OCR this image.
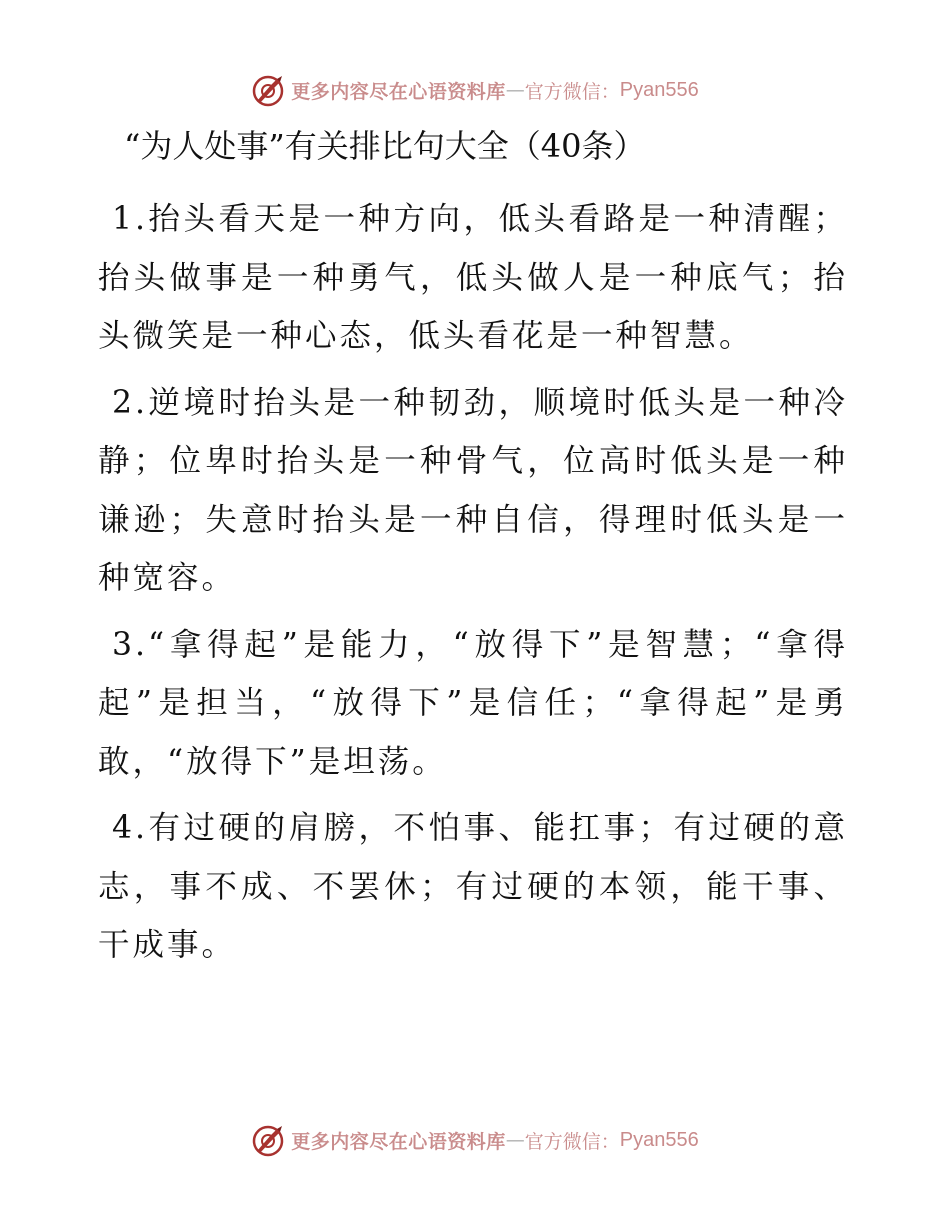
更多内容尽在心语资料库 — 官方微信： Pyan556
“为人处事”有关排比句大全（40条）

1.抬头看天是一种方向，低头看路是一种清醒；抬头做事是一种勇气，低头做人是一种底气；抬头微笑是一种心态，低头看花是一种智慧。

2.逆境时抬头是一种韧劲，顺境时低头是一种冷静；位卑时抬头是一种骨气，位高时低头是一种谦逊；失意时抬头是一种自信，得理时低头是一种宽容。

3.“拿得起”是能力，“放得下”是智慧；“拿得起”是担当，“放得下”是信任；“拿得起”是勇敢，“放得下”是坦荡。

4.有过硬的肩膀，不怕事、能扛事；有过硬的意志，事不成、不罢休；有过硬的本领，能干事、干成事。

更多内容尽在心语资料库 — 官方微信： Pyan556
